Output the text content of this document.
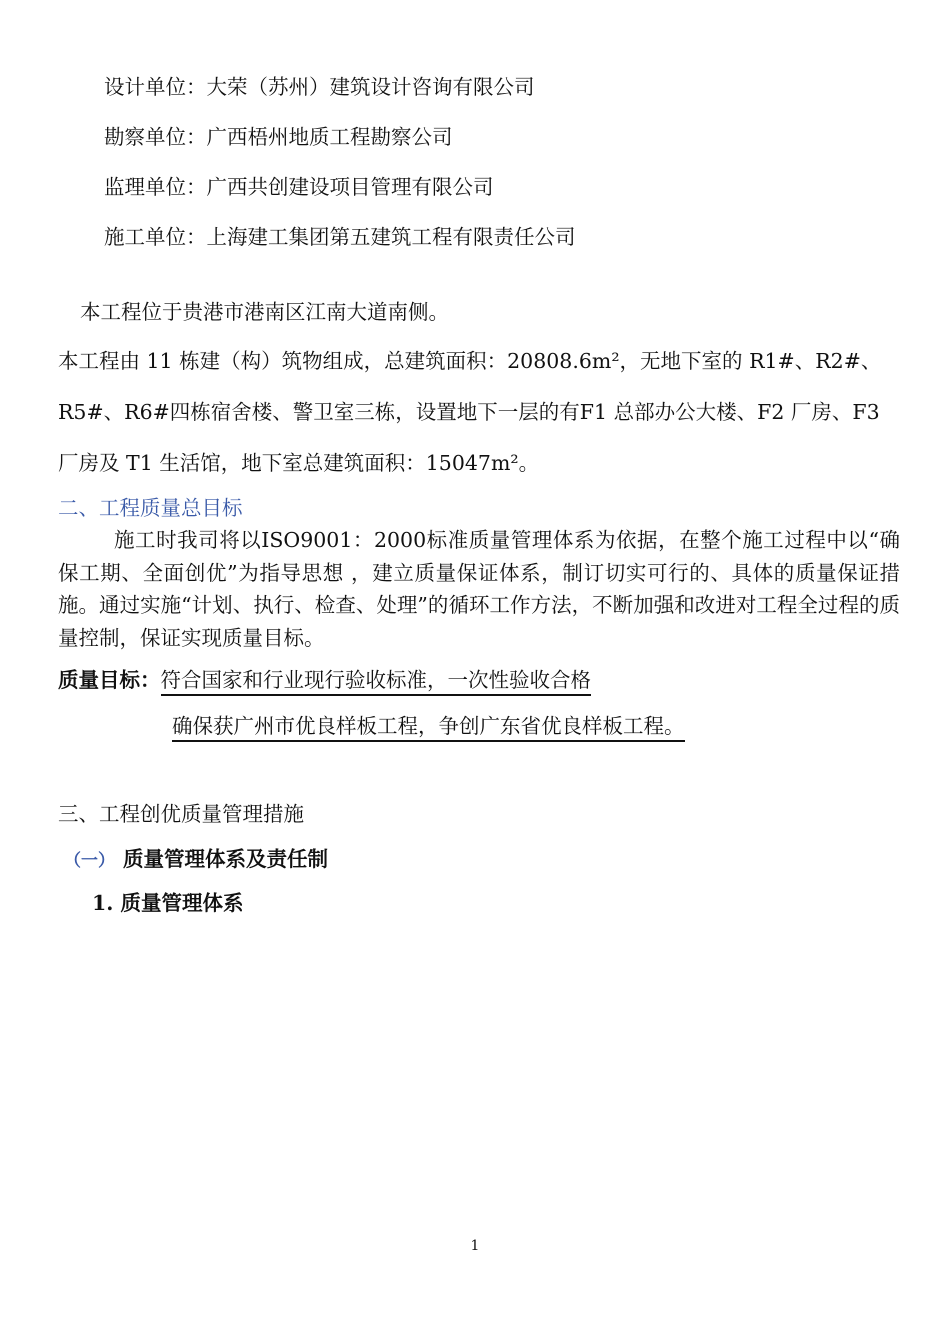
设计单位：大荣（苏州）建筑设计咨询有限公司
勘察单位：广西梧州地质工程勘察公司
监理单位：广西共创建设项目管理有限公司
施工单位：上海建工集团第五建筑工程有限责任公司
本工程位于贵港市港南区江南大道南侧。
本工程由 11 栋建（构）筑物组成，总建筑面积：20808.6m²，无地下室的 R1#、R2#、
R5#、R6#四栋宿舍楼、警卫室三栋，设置地下一层的有F1 总部办公大楼、F2 厂房、F3
厂房及 T1 生活馆，地下室总建筑面积：15047m²。
二、工程质量总目标
施工时我司将以ISO9001：2000标准质量管理体系为依据，在整个施工过程中以“确保工期、全面创优”为指导思想 ，建立质量保证体系，制订切实可行的、具体的质量保证措施。通过实施“计划、执行、检查、处理”的循环工作方法，不断加强和改进对工程全过程的质量控制，保证实现质量目标。
质量目标：符合国家和行业现行验收标准，一次性验收合格
确保获广州市优良样板工程，争创广东省优良样板工程。
三、工程创优质量管理措施
（一） 质量管理体系及责任制
1. 质量管理体系
1
